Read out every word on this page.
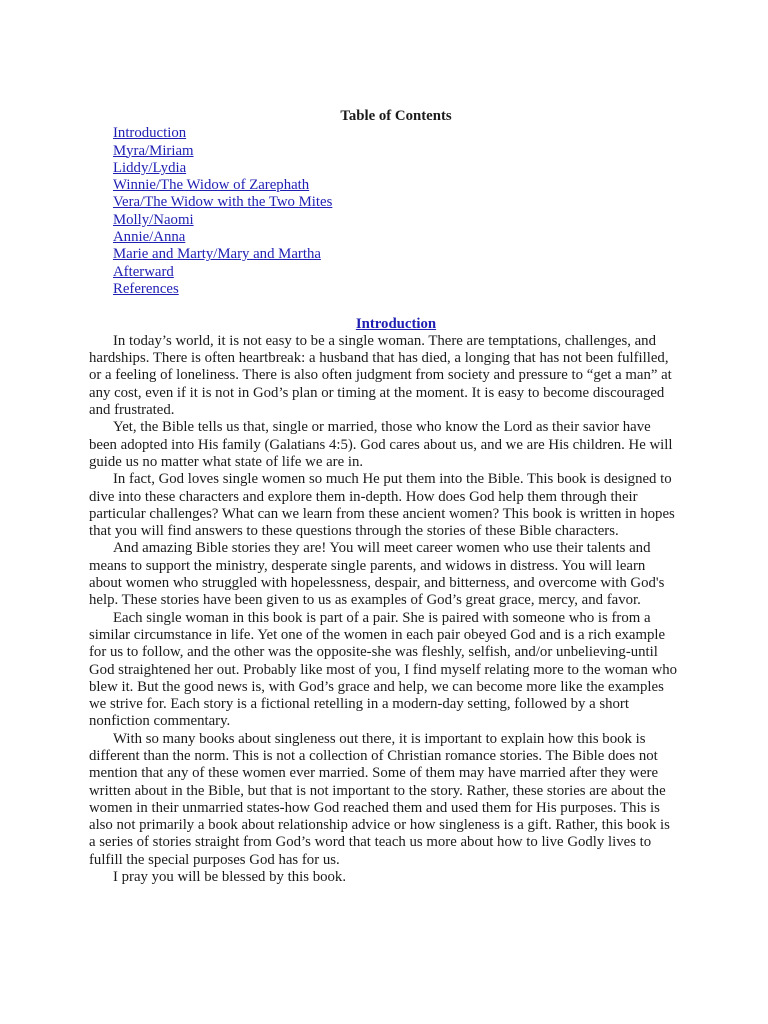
Table of Contents
Introduction
Myra/Miriam
Liddy/Lydia
Winnie/The Widow of Zarephath
Vera/The Widow with the Two Mites
Molly/Naomi
Annie/Anna
Marie and Marty/Mary and Martha
Afterward
References
Introduction
In today’s world, it is not easy to be a single woman. There are temptations, challenges, and
hardships. There is often heartbreak: a husband that has died, a longing that has not been fulfilled,
or a feeling of loneliness. There is also often judgment from society and pressure to “get a man” at
any cost, even if it is not in God’s plan or timing at the moment. It is easy to become discouraged
and frustrated.
Yet, the Bible tells us that, single or married, those who know the Lord as their savior have
been adopted into His family (Galatians 4:5). God cares about us, and we are His children. He will
guide us no matter what state of life we are in.
In fact, God loves single women so much He put them into the Bible. This book is designed to
dive into these characters and explore them in-depth. How does God help them through their
particular challenges? What can we learn from these ancient women? This book is written in hopes
that you will find answers to these questions through the stories of these Bible characters.
And amazing Bible stories they are! You will meet career women who use their talents and
means to support the ministry, desperate single parents, and widows in distress. You will learn
about women who struggled with hopelessness, despair, and bitterness, and overcome with God's
help. These stories have been given to us as examples of God’s great grace, mercy, and favor.
Each single woman in this book is part of a pair. She is paired with someone who is from a
similar circumstance in life. Yet one of the women in each pair obeyed God and is a rich example
for us to follow, and the other was the opposite-she was fleshly, selfish, and/or unbelieving-until
God straightened her out. Probably like most of you, I find myself relating more to the woman who
blew it. But the good news is, with God’s grace and help, we can become more like the examples
we strive for. Each story is a fictional retelling in a modern-day setting, followed by a short
nonfiction commentary.
With so many books about singleness out there, it is important to explain how this book is
different than the norm. This is not a collection of Christian romance stories. The Bible does not
mention that any of these women ever married. Some of them may have married after they were
written about in the Bible, but that is not important to the story. Rather, these stories are about the
women in their unmarried states-how God reached them and used them for His purposes. This is
also not primarily a book about relationship advice or how singleness is a gift. Rather, this book is
a series of stories straight from God’s word that teach us more about how to live Godly lives to
fulfill the special purposes God has for us.
I pray you will be blessed by this book.
